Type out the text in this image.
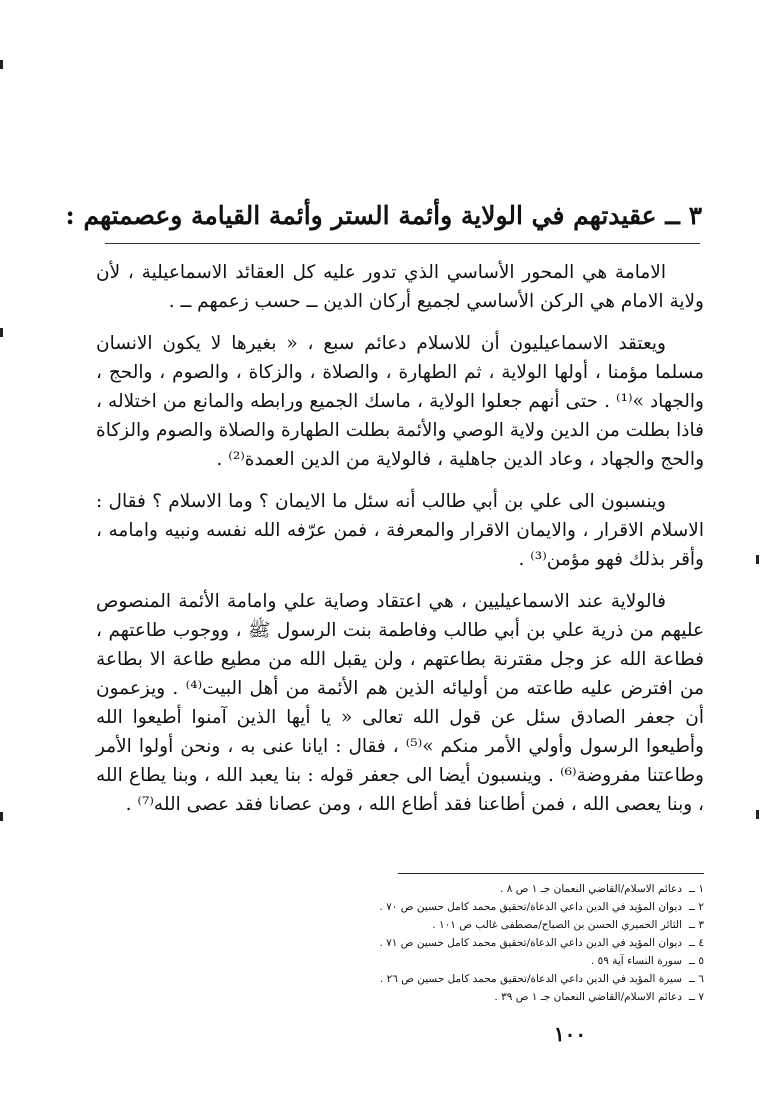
٣ ــ عقيدتهم في الولاية وأئمة الستر وأئمة القيامة وعصمتهم :

الامامة هي المحور الأساسي الذي تدور عليه كل العقائد الاسماعيلية ، لأن ولاية الامام هي الركن الأساسي لجميع أركان الدين ــ حسب زعمهم ــ .

ويعتقد الاسماعيليون أن للاسلام دعائم سبع ، « بغيرها لا يكون الانسان مسلما مؤمنا ، أولها الولاية ، ثم الطهارة ، والصلاة ، والزكاة ، والصوم ، والحج ، والجهاد »⁽¹⁾ . حتى أنهم جعلوا الولاية ، ماسك الجميع ورابطه والمانع من اختلاله ، فاذا بطلت من الدين ولاية الوصي والأئمة بطلت الطهارة والصلاة والصوم والزكاة والحج والجهاد ، وعاد الدين جاهلية ، فالولاية من الدين العمدة⁽²⁾ .

وينسبون الى علي بن أبي طالب أنه سئل ما الايمان ؟ وما الاسلام ؟ فقال : الاسلام الاقرار ، والايمان الاقرار والمعرفة ، فمن عرّفه الله نفسه ونبيه وامامه ، وأقر بذلك فهو مؤمن⁽³⁾ .

فالولاية عند الاسماعيليين ، هي اعتقاد وصاية علي وامامة الأئمة المنصوص عليهم من ذرية علي بن أبي طالب وفاطمة بنت الرسول ﷺ ، ووجوب طاعتهم ، فطاعة الله عز وجل مقترنة بطاعتهم ، ولن يقبل الله من مطيع طاعة الا بطاعة من افترض عليه طاعته من أوليائه الذين هم الأئمة من أهل البيت⁽⁴⁾ . ويزعمون أن جعفر الصادق سئل عن قول الله تعالى « يا أيها الذين آمنوا أطيعوا الله وأطيعوا الرسول وأولي الأمر منكم »⁽⁵⁾ ، فقال : ايانا عنى به ، ونحن أولوا الأمر وطاعتنا مفروضة⁽⁶⁾ . وينسبون أيضا الى جعفر قوله : بنا يعبد الله ، وبنا يطاع الله ، وبنا يعصى الله ، فمن أطاعنا فقد أطاع الله ، ومن عصانا فقد عصى الله⁽⁷⁾ .

١ ــ
دعائم الاسلام/القاضي النعمان جـ ١ ص ٨ .
٢ ــ
ديوان المؤيد في الدين داعي الدعاة/تحقيق محمد كامل حسين ص ٧٠ .
٣ ــ
الثائر الحميري الحسن بن الصباح/مصطفى غالب ص ١٠١ .
٤ ــ
ديوان المؤيد في الدين داعي الدعاة/تحقيق محمد كامل حسين ص ٧١ .
٥ ــ
سورة النساء آية ٥٩ .
٦ ــ
سيرة المؤيد في الدين داعي الدعاة/تحقيق محمد كامل حسين ص ٢٦ .
٧ ــ
دعائم الاسلام/القاضي النعمان جـ ١ ص ٣٩ .
١٠٠
